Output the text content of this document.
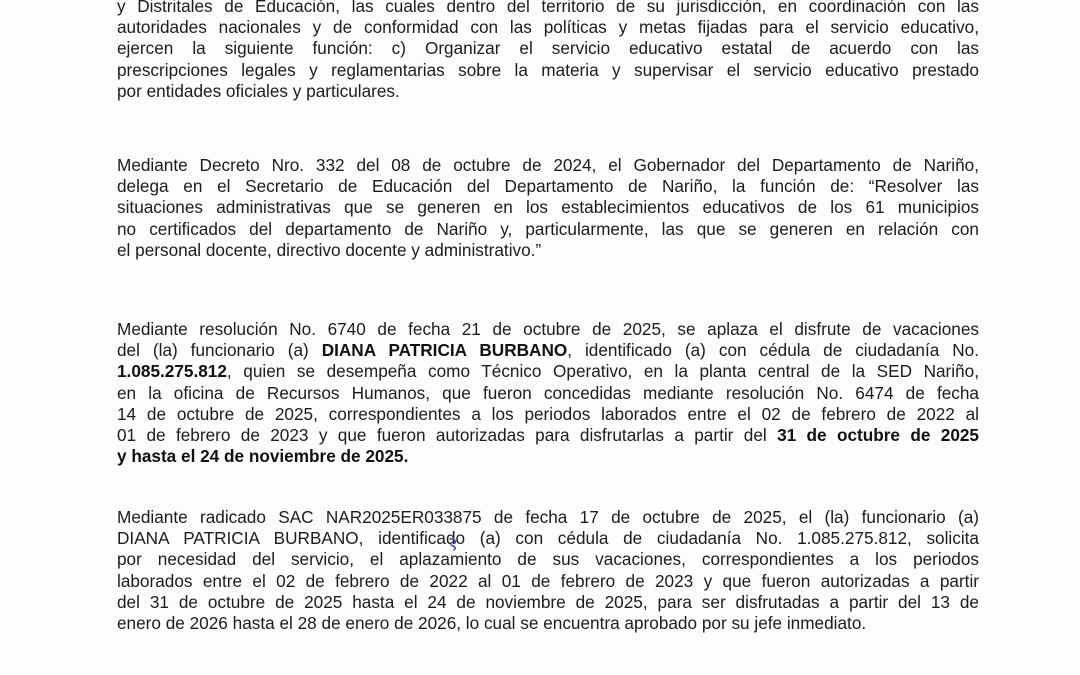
y Distritales de Educación, las cuales dentro del territorio de su jurisdicción, en coordinación con las
autoridades nacionales y de conformidad con las políticas y metas fijadas para el servicio educativo,
ejercen la siguiente función: c) Organizar el servicio educativo estatal de acuerdo con las
prescripciones legales y reglamentarias sobre la materia y supervisar el servicio educativo prestado
por entidades oficiales y particulares.
Mediante Decreto Nro. 332 del 08 de octubre de 2024, el Gobernador del Departamento de Nariño,
delega en el Secretario de Educación del Departamento de Nariño, la función de: “Resolver las
situaciones administrativas que se generen en los establecimientos educativos de los 61 municipios
no certificados del departamento de Nariño y, particularmente, las que se generen en relación con
el personal docente, directivo docente y administrativo.”
Mediante resolución No. 6740 de fecha 21 de octubre de 2025, se aplaza el disfrute de vacaciones
del (la) funcionario (a) DIANA PATRICIA BURBANO, identificado (a) con cédula de ciudadanía No.
1.085.275.812, quien se desempeña como Técnico Operativo, en la planta central de la SED Nariño,
en la oficina de Recursos Humanos, que fueron concedidas mediante resolución No. 6474 de fecha
14 de octubre de 2025, correspondientes a los periodos laborados entre el 02 de febrero de 2022 al
01 de febrero de 2023 y que fueron autorizadas para disfrutarlas a partir del 31 de octubre de 2025
y hasta el 24 de noviembre de 2025.
Mediante radicado SAC NAR2025ER033875 de fecha 17 de octubre de 2025, el (la) funcionario (a)
DIANA PATRICIA BURBANO, identificado (a) con cédula de ciudadanía No. 1.085.275.812, solicita
por necesidad del servicio, el aplazamiento de sus vacaciones, correspondientes a los periodos
laborados entre el 02 de febrero de 2022 al 01 de febrero de 2023 y que fueron autorizadas a partir
del 31 de octubre de 2025 hasta el 24 de noviembre de 2025, para ser disfrutadas a partir del 13 de
enero de 2026 hasta el 28 de enero de 2026, lo cual se encuentra aprobado por su jefe inmediato.
